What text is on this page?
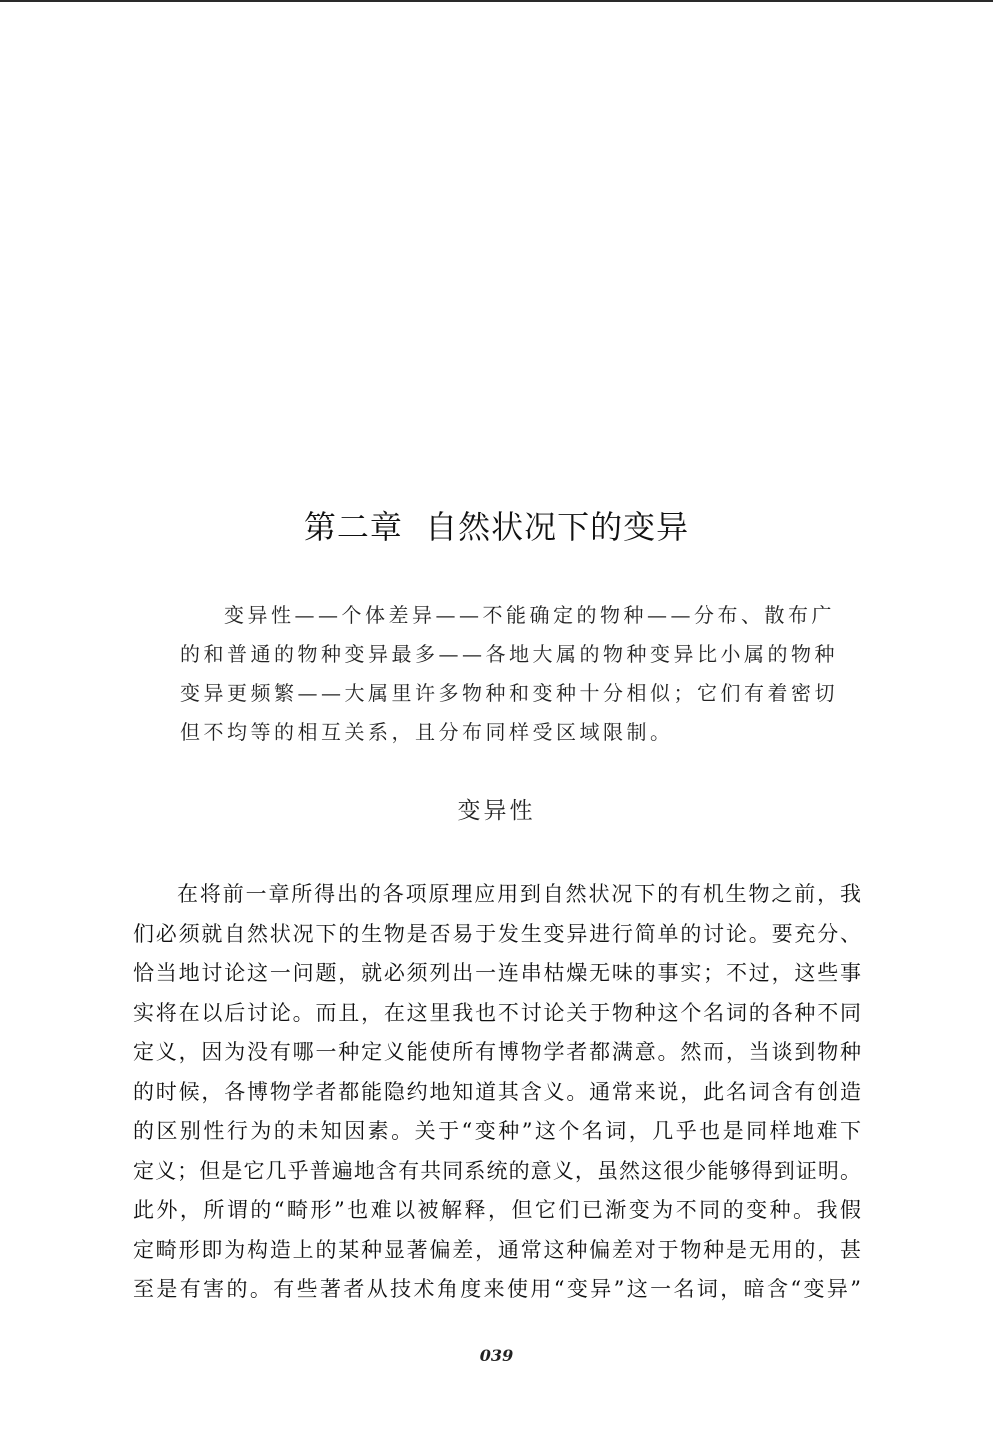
第二章  自然状况下的变异
变异性——个体差异——不能确定的物种——分布、散布广
的和普通的物种变异最多——各地大属的物种变异比小属的物种
变异更频繁——大属里许多物种和变种十分相似；它们有着密切
但不均等的相互关系，且分布同样受区域限制。
变异性
在将前一章所得出的各项原理应用到自然状况下的有机生物之前，我
们必须就自然状况下的生物是否易于发生变异进行简单的讨论。要充分、
恰当地讨论这一问题，就必须列出一连串枯燥无味的事实；不过，这些事
实将在以后讨论。而且，在这里我也不讨论关于物种这个名词的各种不同
定义，因为没有哪一种定义能使所有博物学者都满意。然而，当谈到物种
的时候，各博物学者都能隐约地知道其含义。通常来说，此名词含有创造
的区别性行为的未知因素。关于“变种”这个名词，几乎也是同样地难下
定义；但是它几乎普遍地含有共同系统的意义，虽然这很少能够得到证明。
此外，所谓的“畸形”也难以被解释，但它们已渐变为不同的变种。我假
定畸形即为构造上的某种显著偏差，通常这种偏差对于物种是无用的，甚
至是有害的。有些著者从技术角度来使用“变异”这一名词，暗含“变异”
039
